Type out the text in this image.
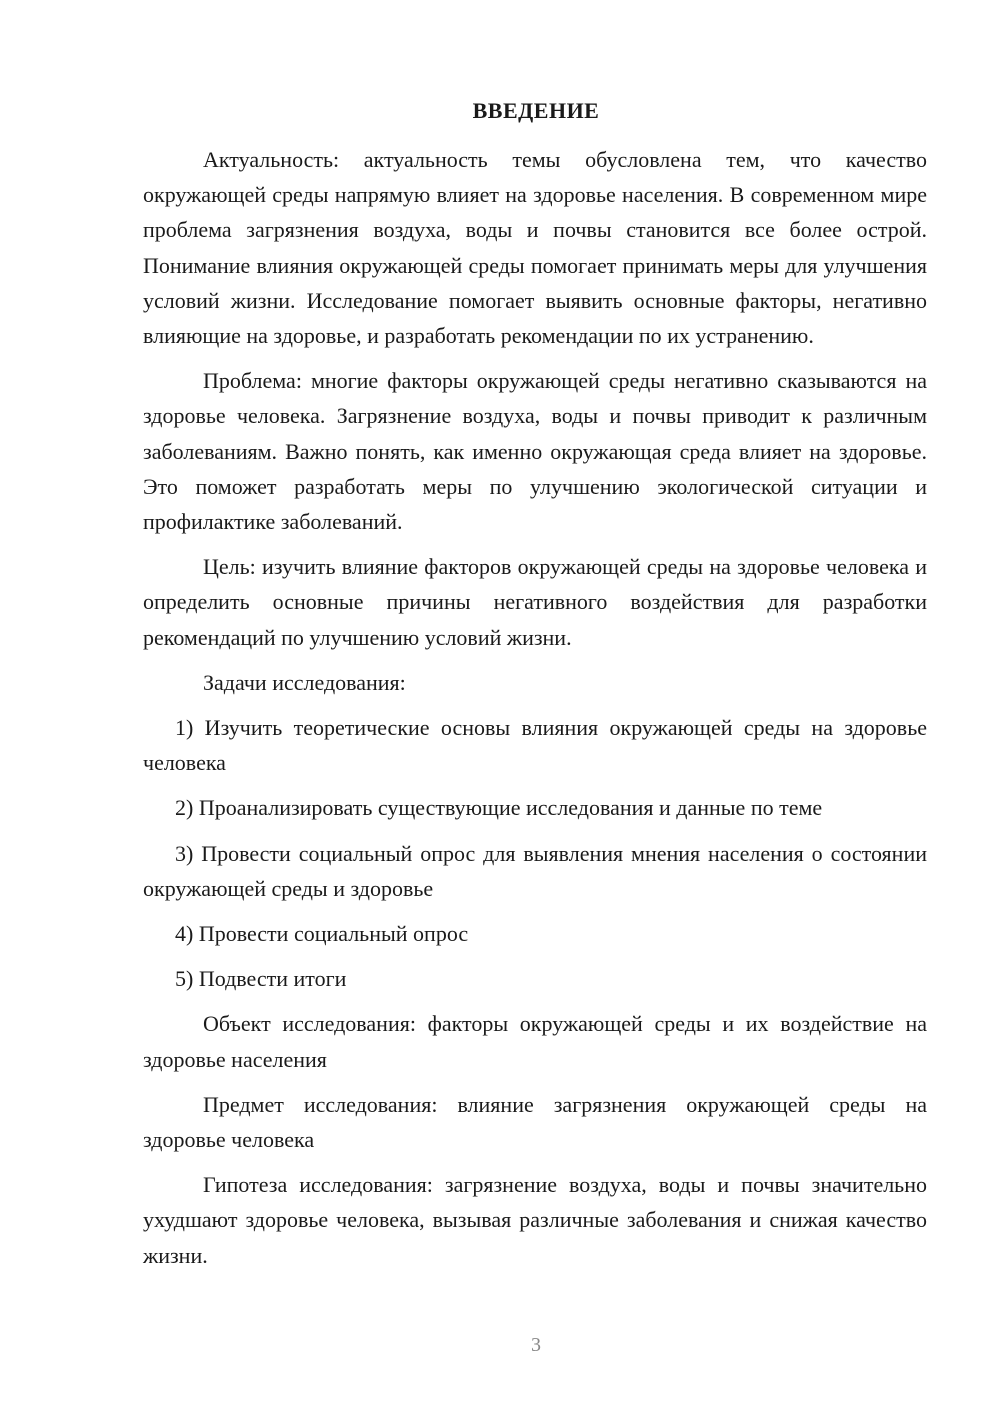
ВВЕДЕНИЕ

Актуальность: актуальность темы обусловлена тем, что качество окружающей среды напрямую влияет на здоровье населения. В современном мире проблема загрязнения воздуха, воды и почвы становится все более острой. Понимание влияния окружающей среды помогает принимать меры для улучшения условий жизни. Исследование помогает выявить основные факторы, негативно влияющие на здоровье, и разработать рекомендации по их устранению.

Проблема: многие факторы окружающей среды негативно сказываются на здоровье человека. Загрязнение воздуха, воды и почвы приводит к различным заболеваниям. Важно понять, как именно окружающая среда влияет на здоровье. Это поможет разработать меры по улучшению экологической ситуации и профилактике заболеваний.

Цель: изучить влияние факторов окружающей среды на здоровье человека и определить основные причины негативного воздействия для разработки рекомендаций по улучшению условий жизни.

Задачи исследования:

1) Изучить теоретические основы влияния окружающей среды на здоровье человека

2) Проанализировать существующие исследования и данные по теме

3) Провести социальный опрос для выявления мнения населения о состоянии окружающей среды и здоровье

4) Провести социальный опрос

5) Подвести итоги

Объект исследования: факторы окружающей среды и их воздействие на здоровье населения

Предмет исследования: влияние загрязнения окружающей среды на здоровье человека

Гипотеза исследования: загрязнение воздуха, воды и почвы значительно ухудшают здоровье человека, вызывая различные заболевания и снижая качество жизни.

3
